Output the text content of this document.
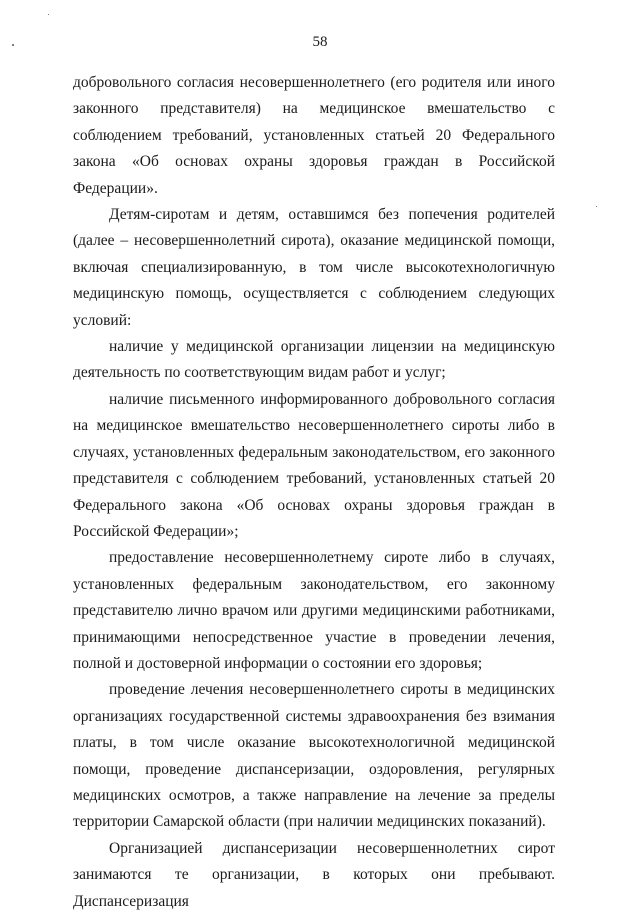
58

добровольного согласия несовершеннолетнего (его родителя или иного законного представителя) на медицинское вмешательство с соблюдением требований, установленных статьей 20 Федерального закона «Об основах охраны здоровья граждан в Российской Федерации».

Детям-сиротам и детям, оставшимся без попечения родителей (далее – несовершеннолетний сирота), оказание медицинской помощи, включая специализированную, в том числе высокотехнологичную медицинскую помощь, осуществляется с соблюдением следующих условий:

наличие у медицинской организации лицензии на медицинскую деятельность по соответствующим видам работ и услуг;

наличие письменного информированного добровольного согласия на медицинское вмешательство несовершеннолетнего сироты либо в случаях, установленных федеральным законодательством, его законного представителя с соблюдением требований, установленных статьей 20 Федерального закона «Об основах охраны здоровья граждан в Российской Федерации»;

предоставление несовершеннолетнему сироте либо в случаях, установленных федеральным законодательством, его законному представителю лично врачом или другими медицинскими работниками, принимающими непосредственное участие в проведении лечения, полной и достоверной информации о состоянии его здоровья;

проведение лечения несовершеннолетнего сироты в медицинских организациях государственной системы здравоохранения без взимания платы, в том числе оказание высокотехнологичной медицинской помощи, проведение диспансеризации, оздоровления, регулярных медицинских осмотров, а также направление на лечение за пределы территории Самарской области (при наличии медицинских показаний).

Организацией диспансеризации несовершеннолетних сирот занимаются те организации, в которых они пребывают. Диспансеризация
